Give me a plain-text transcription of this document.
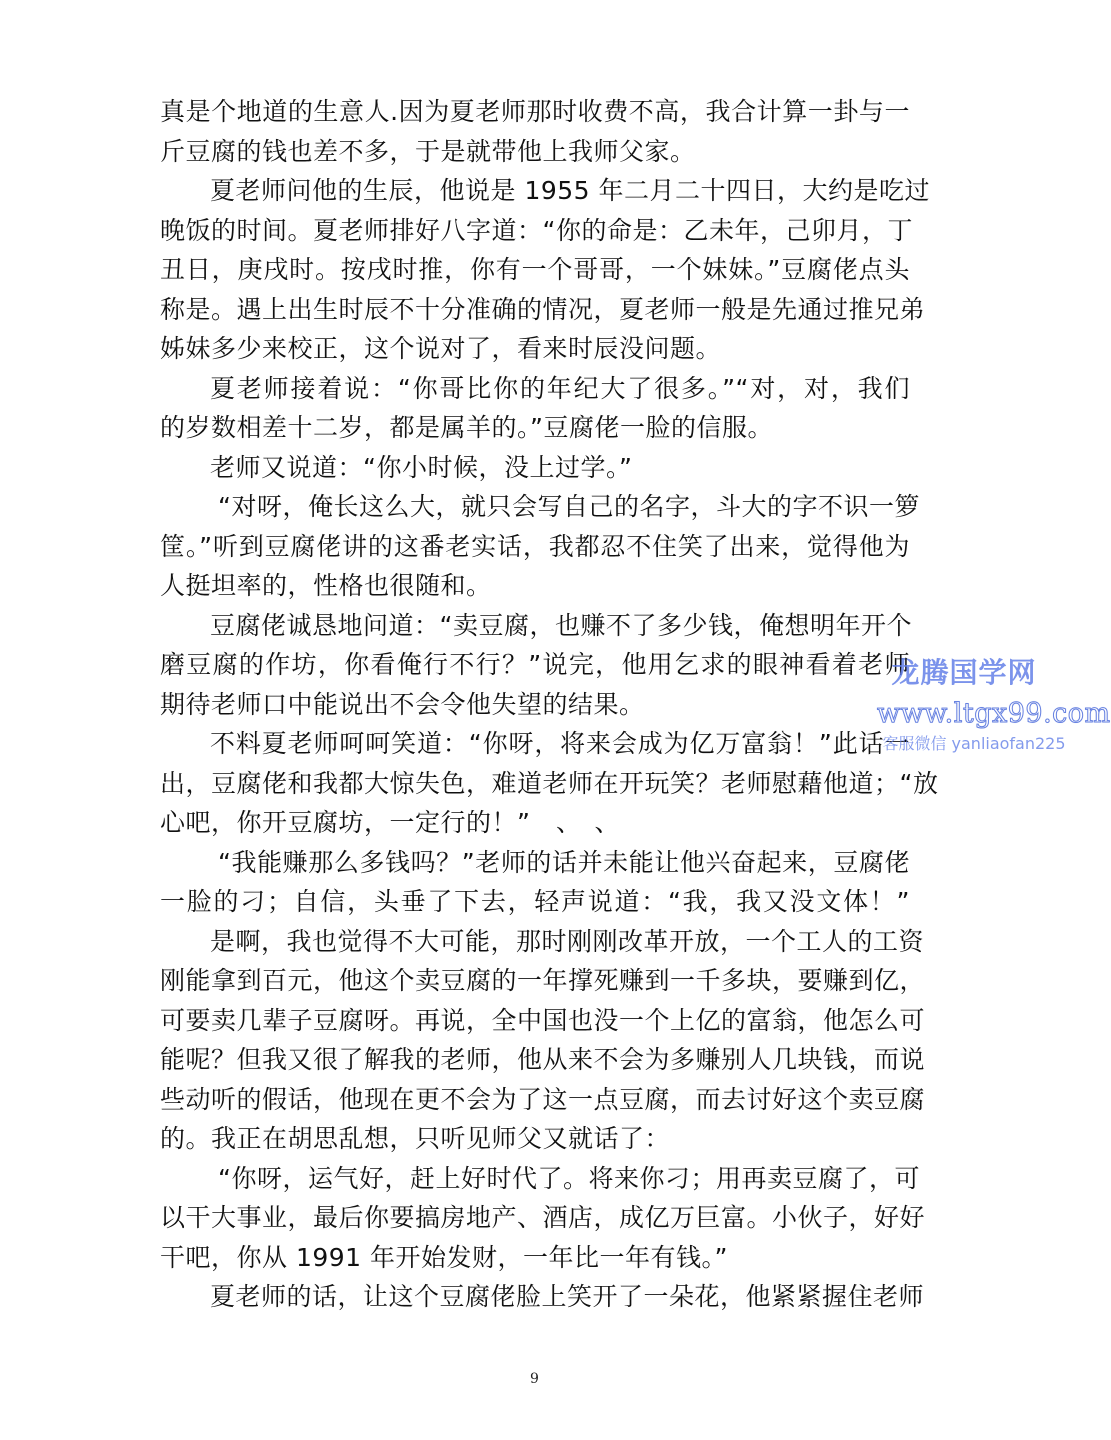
真是个地道的生意人.因为夏老师那时收费不高，我合计算一卦与一
斤豆腐的钱也差不多，于是就带他上我师父家。
夏老师问他的生辰，他说是 1955 年二月二十四日，大约是吃过
晚饭的时间。夏老师排好八字道：“你的命是：乙未年，己卯月，丁
丑日，庚戌时。按戌时推，你有一个哥哥，一个妹妹。”豆腐佬点头
称是。遇上出生时辰不十分准确的情况，夏老师一般是先通过推兄弟
姊妹多少来校正，这个说对了，看来时辰没问题。
夏老师接着说：“你哥比你的年纪大了很多。”“对，对，我们
的岁数相差十二岁，都是属羊的。”豆腐佬一脸的信服。
老师又说道：“你小时候，没上过学。”
“对呀，俺长这么大，就只会写自己的名字，斗大的字不识一箩
筐。”听到豆腐佬讲的这番老实话，我都忍不住笑了出来，觉得他为
人挺坦率的，性格也很随和。
豆腐佬诚恳地问道：“卖豆腐，也赚不了多少钱，俺想明年开个
磨豆腐的作坊，你看俺行不行？”说完，他用乞求的眼神看着老师
期待老师口中能说出不会令他失望的结果。
不料夏老师呵呵笑道：“你呀，将来会成为亿万富翁！”此话一
出，豆腐佬和我都大惊失色，难道老师在开玩笑？老师慰藉他道；“放
心吧，你开豆腐坊，一定行的！”　、　、
“我能赚那么多钱吗？”老师的话并未能让他兴奋起来，豆腐佬
一脸的刁；自信，头垂了下去，轻声说道：“我，我又没文体！”
是啊，我也觉得不大可能，那时刚刚改革开放，一个工人的工资
刚能拿到百元，他这个卖豆腐的一年撑死赚到一千多块，要赚到亿，
可要卖几辈子豆腐呀。再说，全中国也没一个上亿的富翁，他怎么可
能呢？但我又很了解我的老师，他从来不会为多赚别人几块钱，而说
些动听的假话，他现在更不会为了这一点豆腐，而去讨好这个卖豆腐
的。我正在胡思乱想，只听见师父又就话了：
“你呀，运气好，赶上好时代了。将来你刁；用再卖豆腐了，可
以干大事业，最后你要搞房地产、酒店，成亿万巨富。小伙子，好好
干吧，你从 1991 年开始发财，一年比一年有钱。”
夏老师的话，让这个豆腐佬脸上笑开了一朵花，他紧紧握住老师
龙腾国学网
www.ltgx99.com
客服微信 yanliaofan225
9
